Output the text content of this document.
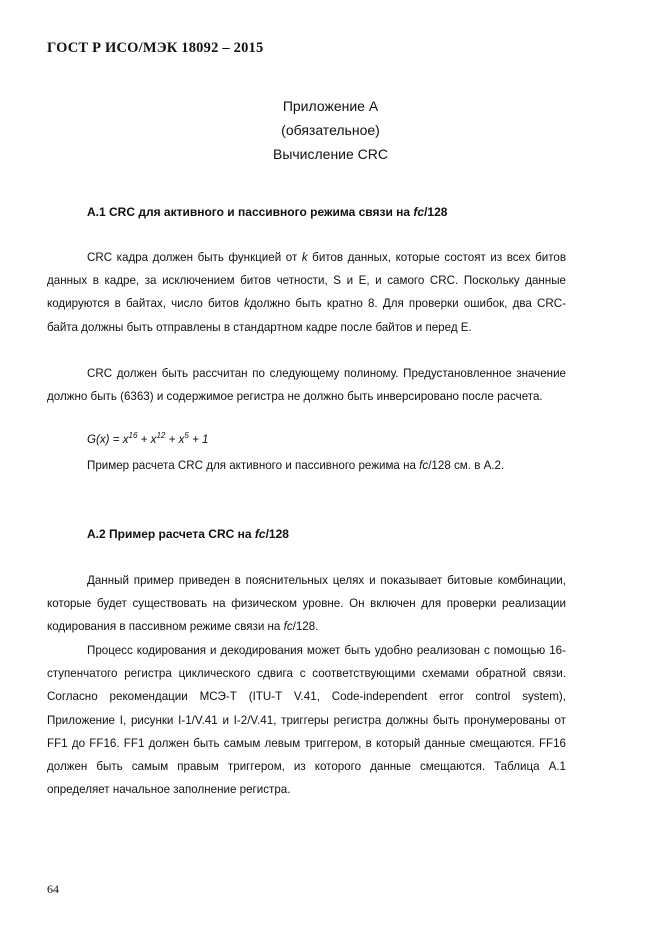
ГОСТ Р ИСО/МЭК 18092 – 2015
Приложение А
(обязательное)
Вычисление CRC
А.1 CRC для активного и пассивного режима связи на fc/128
CRC кадра должен быть функцией от k битов данных, которые состоят из всех битов данных в кадре, за исключением битов четности, S и E, и самого CRC. Поскольку данные кодируются в байтах, число битов kдолжно быть кратно 8. Для проверки ошибок, два CRC-байта должны быть отправлены в стандартном кадре после байтов и перед Е.
CRC должен быть рассчитан по следующему полиному. Предустановленное значение должно быть (6363) и содержимое регистра не должно быть инверсировано после расчета.
$G(x) = x^{16} + x^{12} + x^5 + 1$
Пример расчета CRC для активного и пассивного режима на fc/128 см. в А.2.
А.2 Пример расчета CRC на fc/128
Данный пример приведен в пояснительных целях и показывает битовые комбинации, которые будет существовать на физическом уровне. Он включен для проверки реализации кодирования в пассивном режиме связи на fc/128.
Процесс кодирования и декодирования может быть удобно реализован с помощью 16-ступенчатого регистра циклического сдвига с соответствующими схемами обратной связи. Согласно рекомендации МСЭ-Т (ITU-T V.41, Code-independent error control system), Приложение I, рисунки I-1/V.41 и I-2/V.41, триггеры регистра должны быть пронумерованы от FF1 до FF16. FF1 должен быть самым левым триггером, в который данные смещаются. FF16 должен быть самым правым триггером, из которого данные смещаются. Таблица А.1 определяет начальное заполнение регистра.
64
